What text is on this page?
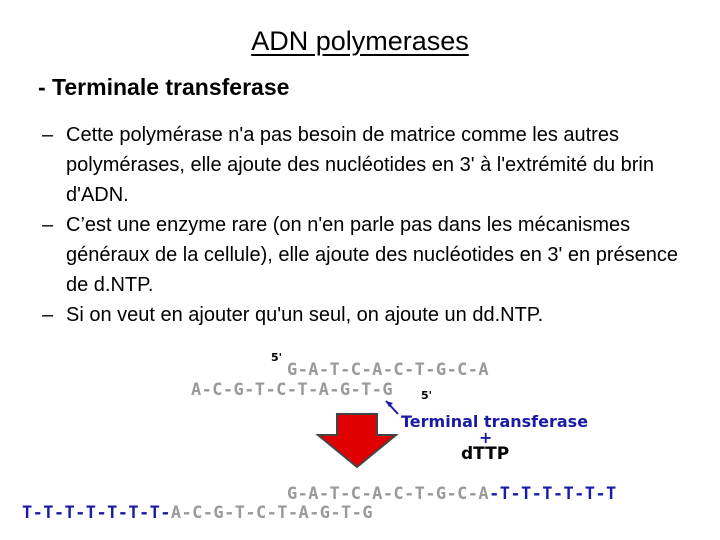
ADN polymerases
- Terminale transferase
– Cette polymérase n'a pas besoin de matrice comme les autres polymérases, elle ajoute des nucléotides en 3' à l'extrémité du brin d'ADN.
– C’est une enzyme rare (on n'en parle pas dans les mécanismes généraux de la cellule), elle ajoute des nucléotides en 3' en présence de d.NTP.
– Si on veut en ajouter qu'un seul, on ajoute un dd.NTP.
5'
G-A-T-C-A-C-T-G-C-A
A-C-G-T-C-T-A-G-T-G	5'
Terminal transferase
+
dTTP
G-A-T-C-A-C-T-G-C-A-T-T-T-T-T-T
T-T-T-T-T-T-T-A-C-G-T-C-T-A-G-T-G
